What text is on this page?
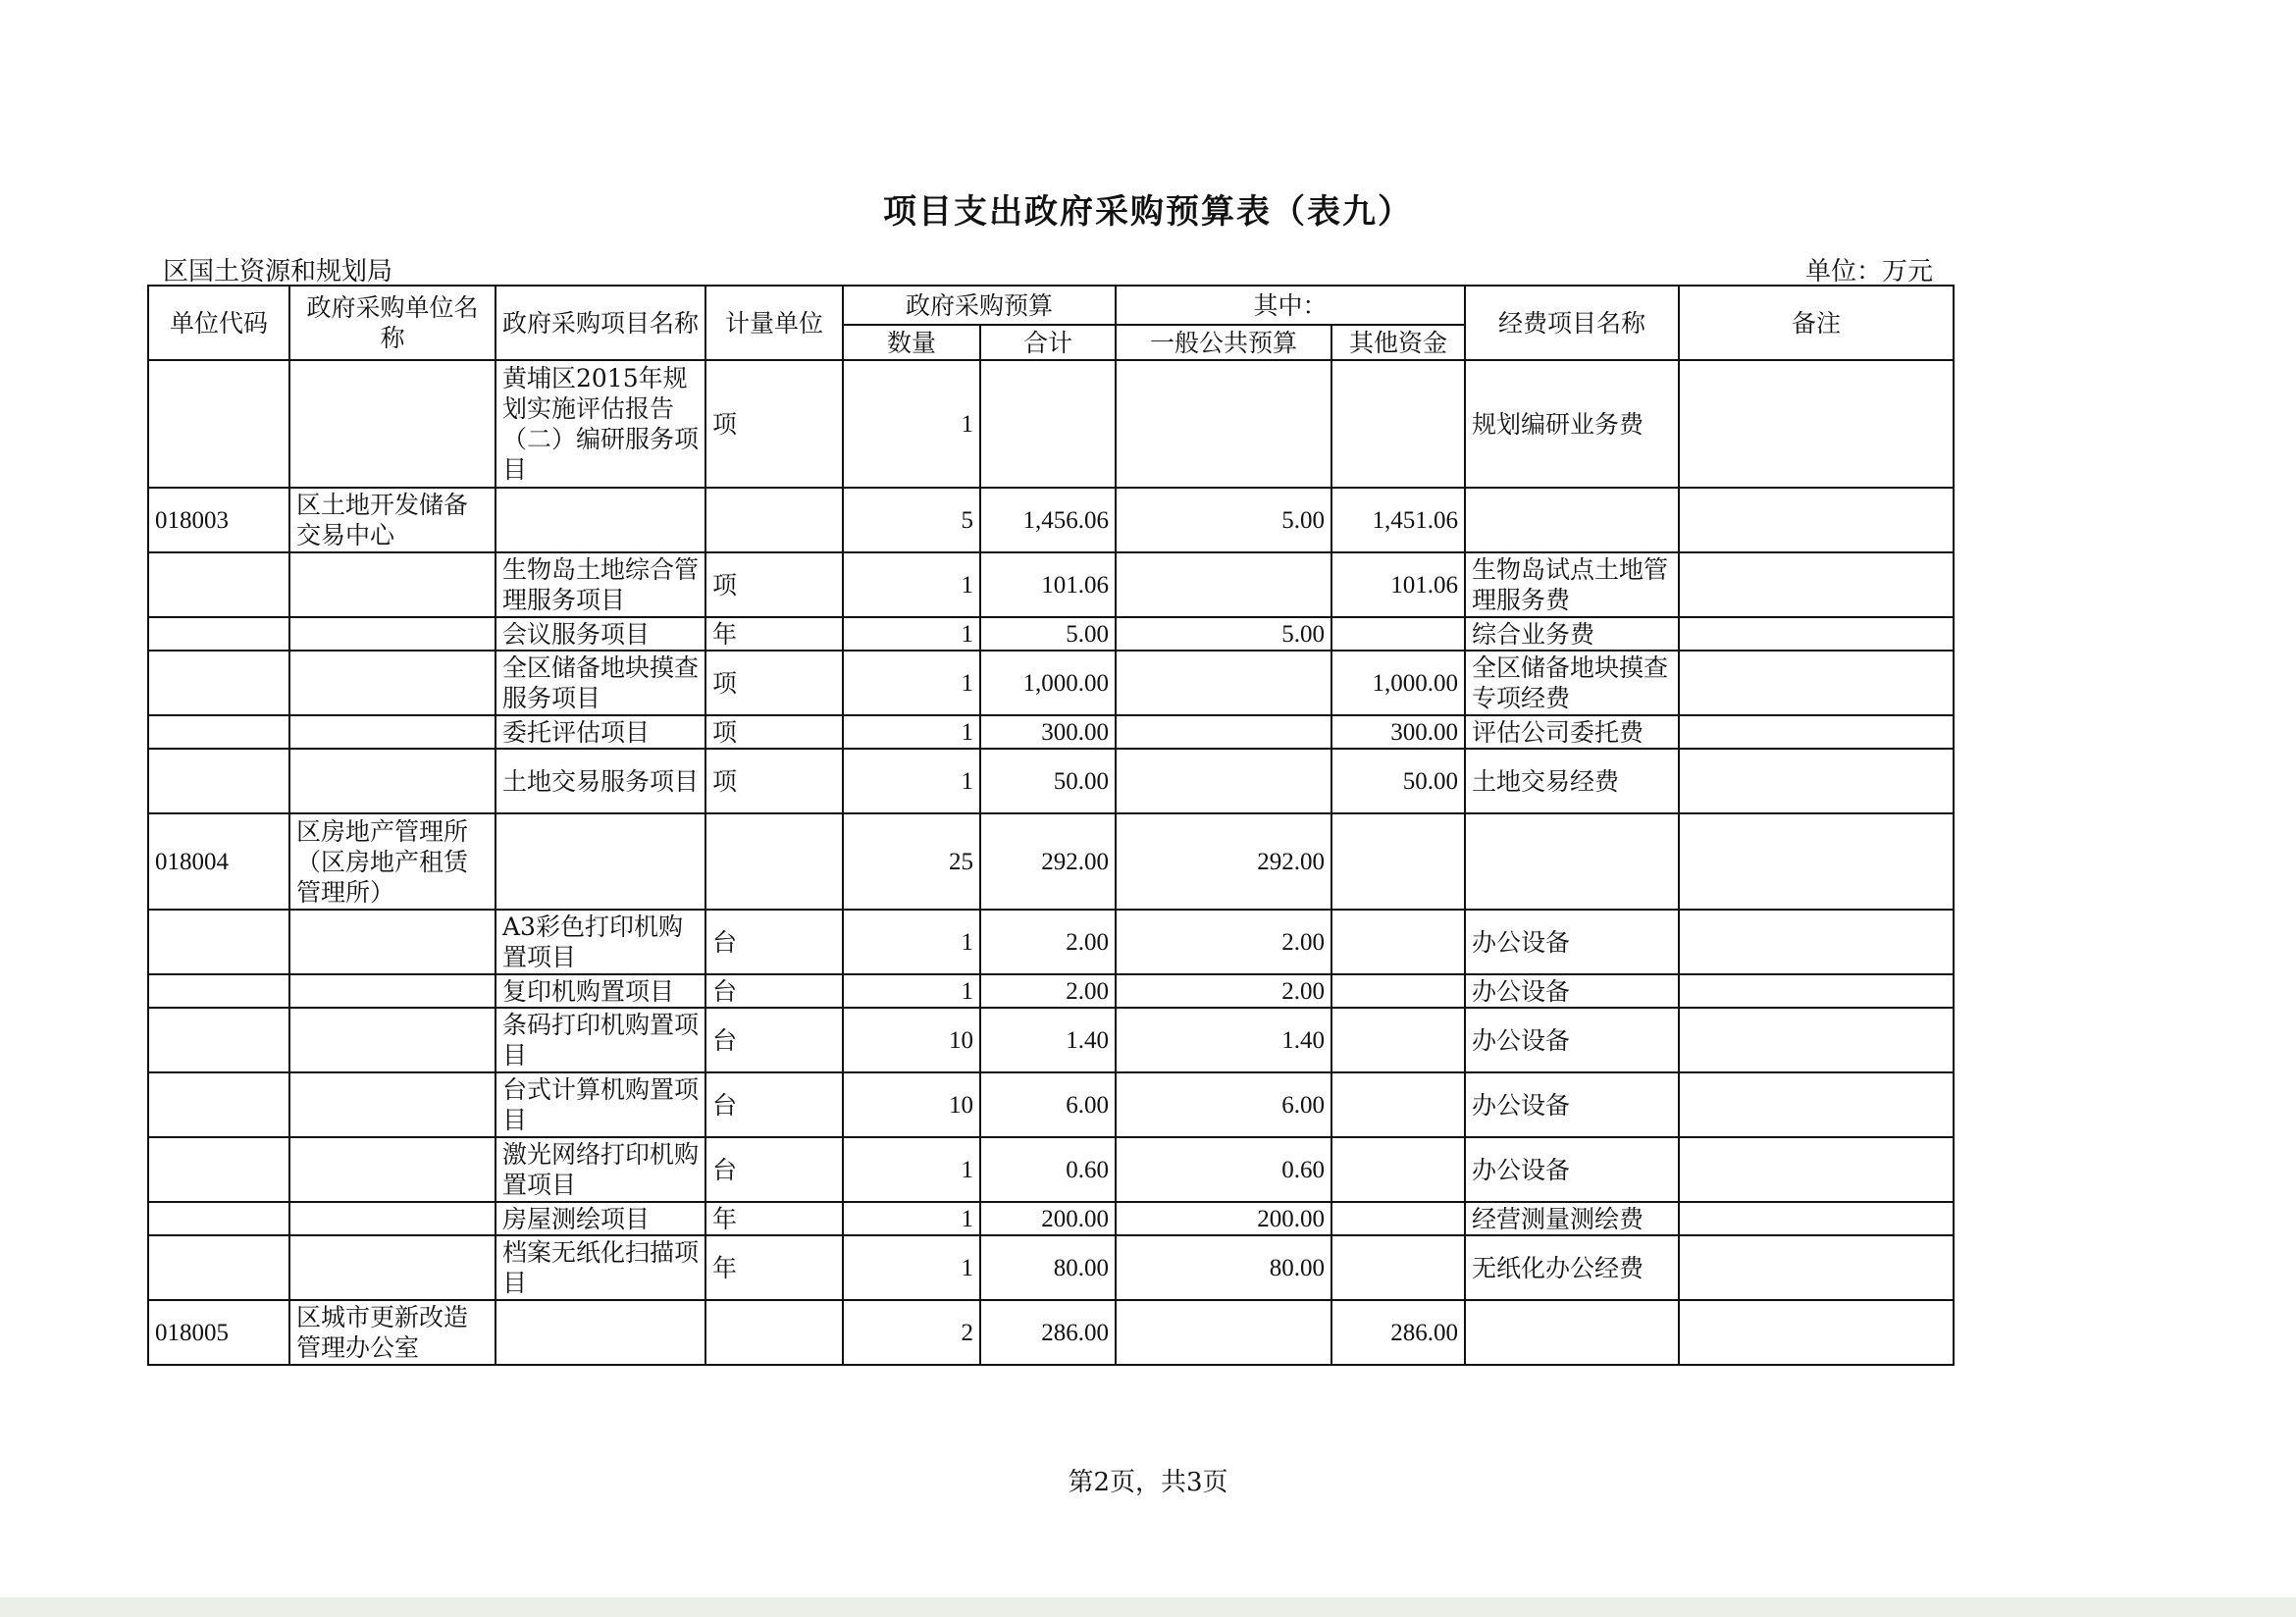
项目支出政府采购预算表（表九）
区国土资源和规划局	单位：万元
单位代码	政府采购单位名称	政府采购项目名称	计量单位	政府采购预算		其中：		经费项目名称	备注
				数量	合计	一般公共预算	其他资金		
		黄埔区2015年规划实施评估报告（二）编研服务项目	项	1				规划编研业务费	
018003	区土地开发储备交易中心			5	1,456.06	5.00	1,451.06		
		生物岛土地综合管理服务项目	项	1	101.06		101.06	生物岛试点土地管理服务费	
		会议服务项目	年	1	5.00	5.00		综合业务费	
		全区储备地块摸查服务项目	项	1	1,000.00		1,000.00	全区储备地块摸查专项经费	
		委托评估项目	项	1	300.00		300.00	评估公司委托费	
		土地交易服务项目	项	1	50.00		50.00	土地交易经费	
018004	区房地产管理所（区房地产租赁管理所）			25	292.00	292.00			
		A3彩色打印机购置项目	台	1	2.00	2.00		办公设备	
		复印机购置项目	台	1	2.00	2.00		办公设备	
		条码打印机购置项目	台	10	1.40	1.40		办公设备	
		台式计算机购置项目	台	10	6.00	6.00		办公设备	
		激光网络打印机购置项目	台	1	0.60	0.60		办公设备	
		房屋测绘项目	年	1	200.00	200.00		经营测量测绘费	
		档案无纸化扫描项目	年	1	80.00	80.00		无纸化办公经费	
018005	区城市更新改造管理办公室			2	286.00		286.00		
第2页，共3页
